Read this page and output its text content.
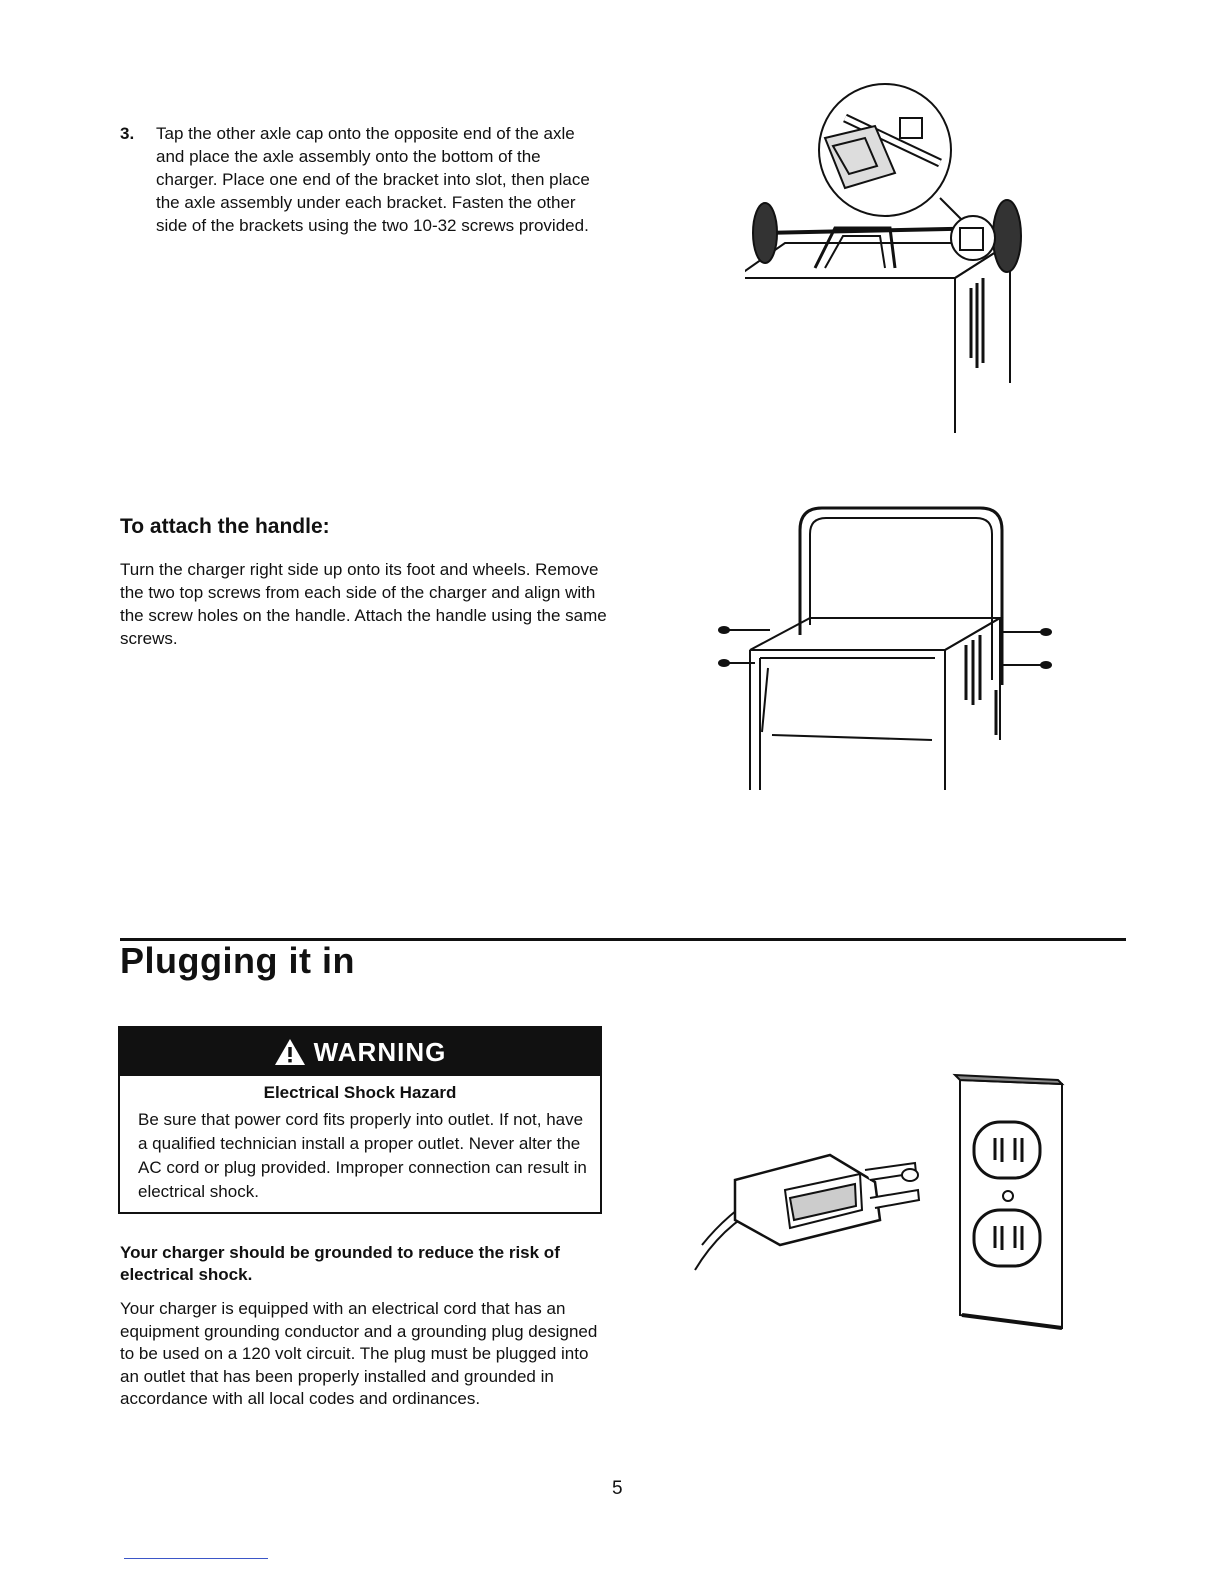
3.	Tap the other axle cap onto the opposite end of the axle and place the axle assembly onto the bottom of the charger. Place one end of the bracket into slot, then place the axle assembly under each bracket. Fasten the other side of the brackets using the two 10-32 screws provided.
To attach the handle:

Turn the charger right side up onto its foot and wheels. Remove the two top screws from each side of the charger and align with the screw holes on the handle. Attach the handle using the same screws.

Plugging it in
WARNING
Electrical Shock Hazard

Be sure that power cord fits properly into outlet. If not, have a qualified technician install a proper outlet. Never alter the AC cord or plug provided. Improper connection can result in electrical shock.

Your charger should be grounded to reduce the risk of electrical shock.

Your charger is equipped with an electrical cord that has an equipment grounding conductor and a grounding plug designed to be used on a 120 volt circuit. The plug must be plugged into an outlet that has been properly installed and grounded in accordance with all local codes and ordinances.

5
